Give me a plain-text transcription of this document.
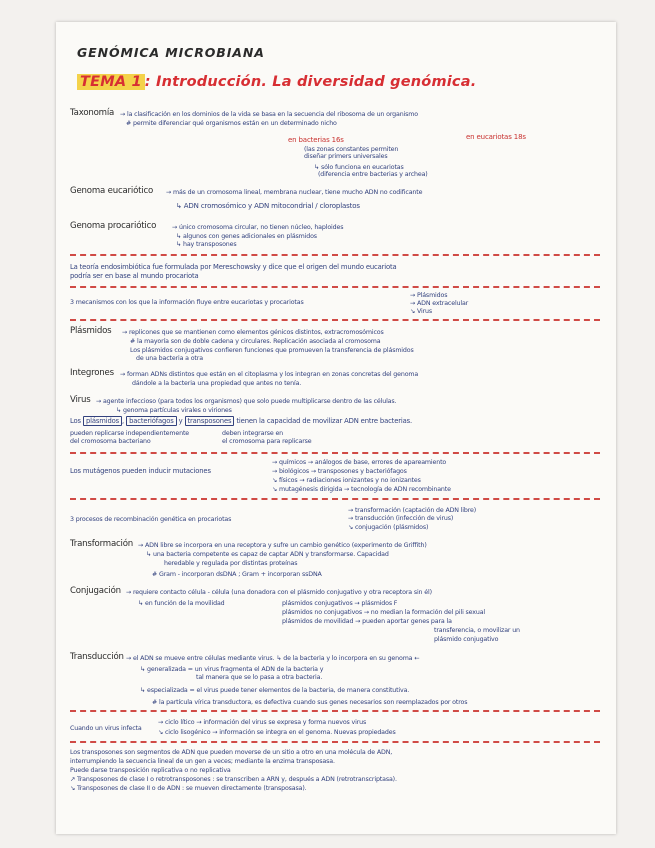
GENÓMICA MICROBIANA
TEMA 1 : Introducción. La diversidad genómica.
Taxonomía → la clasificación en los dominios de la vida se basa en la secuencia del ribosoma de un organismo
# permite diferenciar qué organismos están en un determinado nicho
en bacterias 16s	en eucariotas 18s
(las zonas constantes permiten
diseñar primers universales
↳ sólo funciona en eucariotas
(diferencia entre bacterias y archea)
Genoma eucariótico → más de un cromosoma lineal, membrana nuclear, tiene mucho ADN no codificante
↳ ADN cromosómico y ADN mitocondrial / cloroplastos
Genoma procariótico	→ único cromosoma circular, no tienen núcleo, haploides
↳ algunos con genes adicionales en plásmidos
↳ hay transposones
La teoría endosimbiótica fue formulada por Mereschowsky y dice que el origen del mundo eucariota
podría ser en base al mundo procariota
3 mecanismos con los que la información fluye entre eucariotas y procariotas
→ Plásmidos
→ ADN extracelular
↘ Virus
Plásmidos → replicones que se mantienen como elementos génicos distintos, extracromosómicos
# la mayoría son de doble cadena y circulares. Replicación asociada al cromosoma
Los plásmidos conjugativos confieren funciones que promueven la transferencia de plásmidos
de una bacteria a otra
Integrones → forman ADNs distintos que están en el citoplasma y los integran en zonas concretas del genoma
dándole a la bacteria una propiedad que antes no tenía.
Virus → agente infeccioso (para todos los organismos) que solo puede multiplicarse dentro de las células.
↳ genoma partículas virales o viriones
Los plásmidos , bacteriófagos y transposones tienen la capacidad de movilizar ADN entre bacterias.
pueden replicarse independientemente	deben integrarse en
del cromosoma bacteriano	el cromosoma para replicarse
Los mutágenos pueden inducir mutaciones
→ químicos → análogos de base, errores de apareamiento
→ biológicos → transposones y bacteriófagos
↘ físicos → radiaciones ionizantes y no ionizantes
↘ mutagénesis dirigida → tecnología de ADN recombinante
3 procesos de recombinación genética en procariotas
→ transformación (captación de ADN libre)
→ transducción (infección de virus)
↘ conjugación (plásmidos)
Transformación → ADN libre se incorpora en una receptora y sufre un cambio genético (experimento de Griffith)
↳ una bacteria competente es capaz de captar ADN y transformarse. Capacidad
heredable y regulada por distintas proteínas
# Gram - incorporan dsDNA ; Gram + incorporan ssDNA
Conjugación → requiere contacto célula - célula (una donadora con el plásmido conjugativo y otra receptora sin él)
↳ en función de la movilidad	plásmidos conjugativos → plásmidos F
plásmidos no conjugativos → no median la formación del pili sexual
plásmidos de movilidad → pueden aportar genes para la
transferencia, o movilizar un
plásmido conjugativo
Transducción → el ADN se mueve entre células mediante virus. ↳ de la bacteria y lo incorpora en su genoma ←
↳ generalizada = un virus fragmenta el ADN de la bacteria y
tal manera que se lo pasa a otra bacteria.
↳ especializada = el virus puede tener elementos de la bacteria, de manera constitutiva.
# la partícula vírica transductora, es defectiva cuando sus genes necesarios son reemplazados por otros
Cuando un virus infecta
→ ciclo lítico → información del virus se expresa y forma nuevos virus
↘ ciclo lisogénico → información se integra en el genoma. Nuevas propiedades
Los transposones son segmentos de ADN que pueden moverse de un sitio a otro en una molécula de ADN,
interrumpiendo la secuencia lineal de un gen a veces; mediante la enzima transposasa.
Puede darse transposición replicativa o no replicativa
↗ Transposones de clase I o retrotransposones : se transcriben a ARN y, después a ADN (retrotranscriptasa).
↘ Transposones de clase II o de ADN : se mueven directamente (transposasa).
